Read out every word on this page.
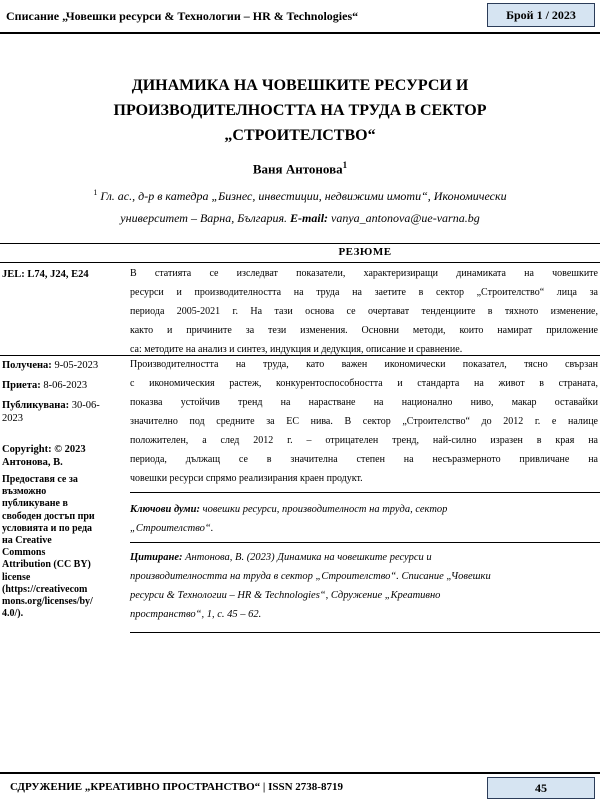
Списание „Човешки ресурси & Технологии – HR & Technologies“	Брой 1 / 2023
ДИНАМИКА НА ЧОВЕШКИТЕ РЕСУРСИ И
ПРОИЗВОДИТЕЛНОСТТА НА ТРУДА В СЕКТОР
„СТРОИТЕЛСТВО“
Ваня Антонова$^1$
$^1$ Гл. ас., д-р в катедра „Бизнес, инвестиции, недвижими имоти“, Икономически
университет – Варна, България. E-mail: vanya_antonova@ue-varna.bg
РЕЗЮМЕ
JEL: L74, J24, E24	В статията се изследват показатели, характеризиращи динамиката на човешките
ресурси и производителността на труда на заетите в сектор „Строителство“ лица за
периода 2005-2021 г. На тази основа се очертават тенденциите в тяхното изменение,
както и причините за тези изменения. Основни методи, които намират приложение
са: методите на анализ и синтез, индукция и дедукция, описание и сравнение.
Получена: 9-05-2023
Приета: 8-06-2023
Публикувана: 30-06-
2023
Производителността на труда, като важен икономически показател, тясно свързан
с икономическия растеж, конкурентоспособността и стандарта на живот в страната,
показва устойчив тренд на нарастване на национално ниво, макар оставайки
значително под средните за ЕС нива. В сектор „Строителство“ до 2012 г. е налице
положителен, а след 2012 г. – отрицателен тренд, най-силно изразен в края на
периода, дължащ се в значителна степен на несъразмерното привличане на
човешки ресурси спрямо реализирания краен продукт.
Copyright: © 2023
Антонова, В.
Предоставя се за
възможно
публикуване в
свободен достъп при
условията и по реда
на Creative
Commons
Attribution (CC BY)
license
(https://creativecom
mons.org/licenses/by/
4.0/).
Ключови думи: човешки ресурси, производителност на труда, сектор
„Строителство“.
Цитиране: Антонова, В. (2023) Динамика на човешките ресурси и
производителността на труда в сектор „Строителство“. Списание „Човешки
ресурси & Технологии – HR & Technologies“, Сдружение „Креативно
пространство“, 1, с. 45 – 62.
СДРУЖЕНИЕ „КРЕАТИВНО ПРОСТРАНСТВО“ | ISSN 2738-8719	45
